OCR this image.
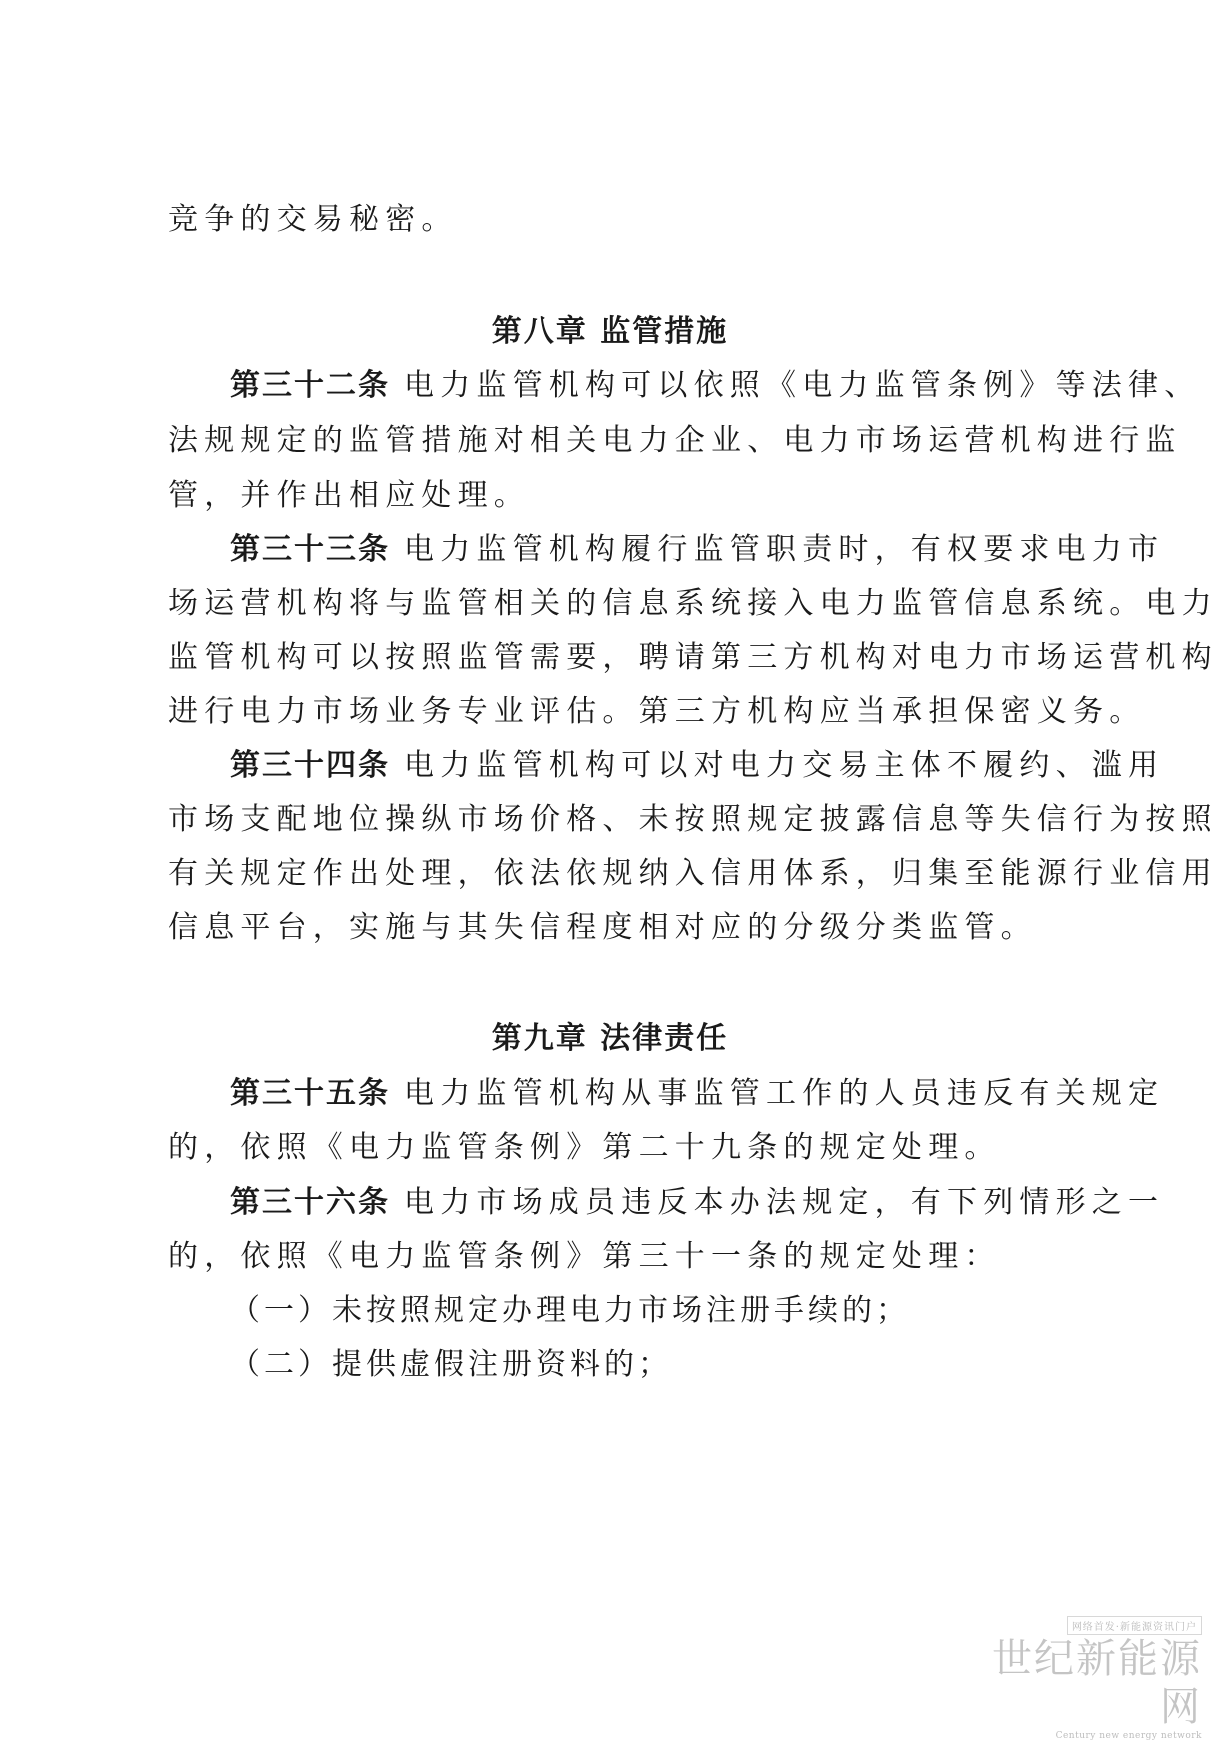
竞争的交易秘密。
第八章 监管措施
第三十二条 电力监管机构可以依照《电力监管条例》等法律、
法规规定的监管措施对相关电力企业、电力市场运营机构进行监
管，并作出相应处理。
第三十三条 电力监管机构履行监管职责时，有权要求电力市
场运营机构将与监管相关的信息系统接入电力监管信息系统。电力
监管机构可以按照监管需要，聘请第三方机构对电力市场运营机构
进行电力市场业务专业评估。第三方机构应当承担保密义务。
第三十四条 电力监管机构可以对电力交易主体不履约、滥用
市场支配地位操纵市场价格、未按照规定披露信息等失信行为按照
有关规定作出处理，依法依规纳入信用体系，归集至能源行业信用
信息平台，实施与其失信程度相对应的分级分类监管。
第九章 法律责任
第三十五条 电力监管机构从事监管工作的人员违反有关规定
的，依照《电力监管条例》第二十九条的规定处理。
第三十六条 电力市场成员违反本办法规定，有下列情形之一
的，依照《电力监管条例》第三十一条的规定处理：
（一）未按照规定办理电力市场注册手续的；
（二）提供虚假注册资料的；
网络首发·新能源资讯门户
世纪新能源网
Century new energy network
